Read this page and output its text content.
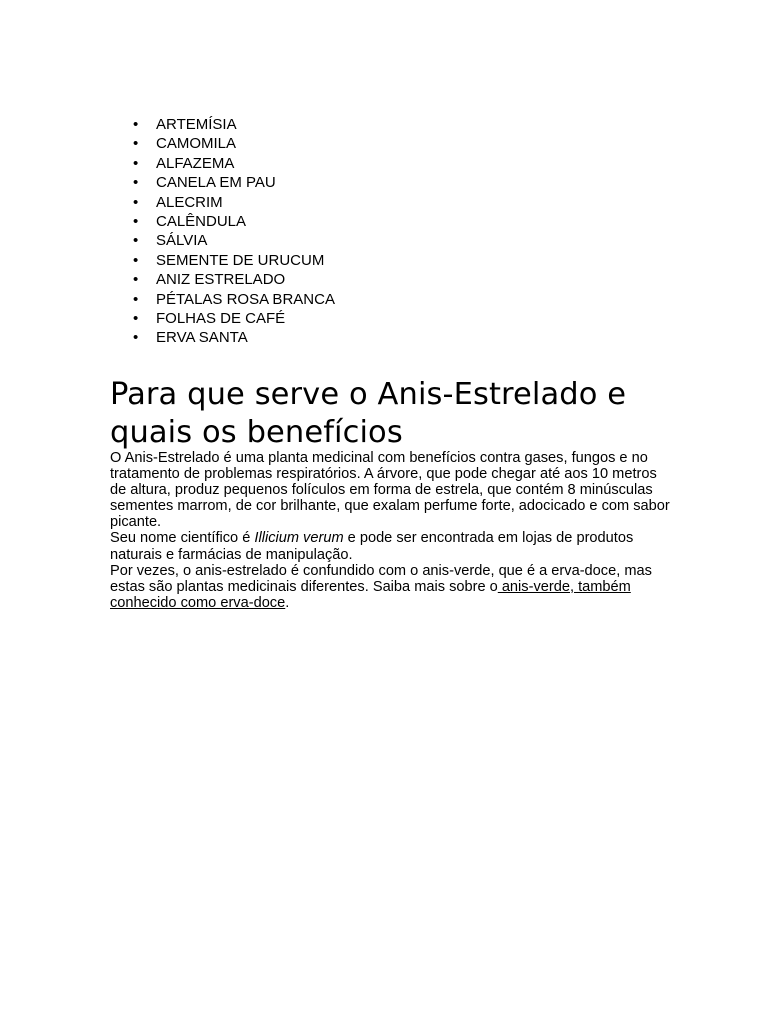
• ARTEMÍSIA
• CAMOMILA
• ALFAZEMA
• CANELA EM PAU
• ALECRIM
• CALÊNDULA
• SÁLVIA
• SEMENTE DE URUCUM
• ANIZ ESTRELADO
• PÉTALAS ROSA BRANCA
• FOLHAS DE CAFÉ
• ERVA SANTA
Para que serve o Anis-Estrelado e quais os benefícios

O Anis-Estrelado é uma planta medicinal com benefícios contra gases, fungos e no tratamento de problemas respiratórios. A árvore, que pode chegar até aos 10 metros de altura, produz pequenos folículos em forma de estrela, que contém 8 minúsculas sementes marrom, de cor brilhante, que exalam perfume forte, adocicado e com sabor picante.

Seu nome científico é Illicium verum e pode ser encontrada em lojas de produtos naturais e farmácias de manipulação.

Por vezes, o anis-estrelado é confundido com o anis-verde, que é a erva-doce, mas estas são plantas medicinais diferentes. Saiba mais sobre o anis-verde, também conhecido como erva-doce.
